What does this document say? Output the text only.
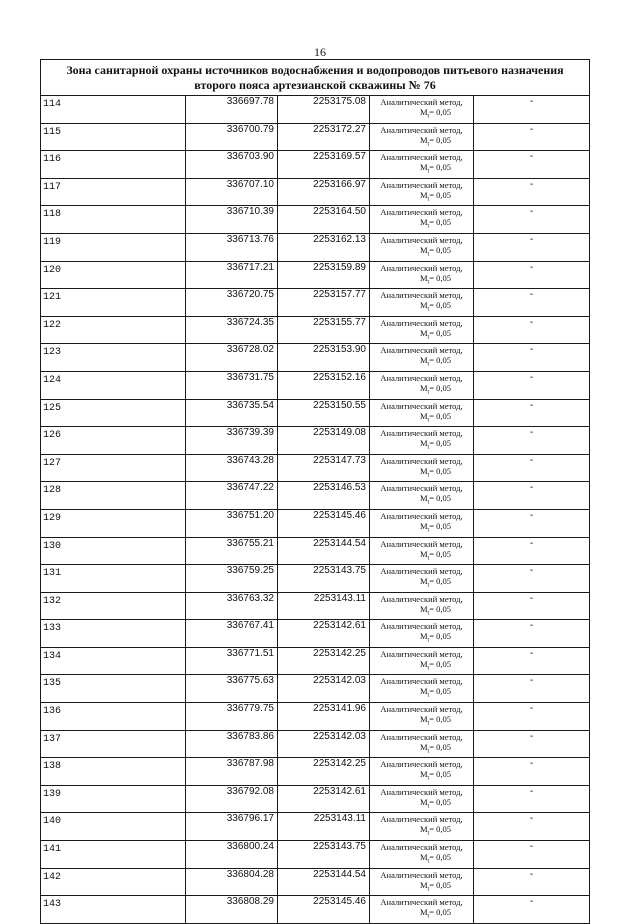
16
Зона санитарной охраны источников водоснабжения и водопроводов питьевого назначения
второго пояса артезианской скважины № 76				

114	336697.78	2253175.08	Аналитический метод,
$M_t= 0,05$	-
115	336700.79	2253172.27	Аналитический метод,
$M_t= 0,05$	-
116	336703.90	2253169.57	Аналитический метод,
$M_t= 0,05$	-
117	336707.10	2253166.97	Аналитический метод,
$M_t= 0,05$	-
118	336710.39	2253164.50	Аналитический метод,
$M_t= 0,05$	-
119	336713.76	2253162.13	Аналитический метод,
$M_t= 0,05$	-
120	336717.21	2253159.89	Аналитический метод,
$M_t= 0,05$	-
121	336720.75	2253157.77	Аналитический метод,
$M_t= 0,05$	-
122	336724.35	2253155.77	Аналитический метод,
$M_t= 0,05$	-
123	336728.02	2253153.90	Аналитический метод,
$M_t= 0,05$	-
124	336731.75	2253152.16	Аналитический метод,
$M_t= 0,05$	-
125	336735.54	2253150.55	Аналитический метод,
$M_t= 0,05$	-
126	336739.39	2253149.08	Аналитический метод,
$M_t= 0,05$	-
127	336743.28	2253147.73	Аналитический метод,
$M_t= 0,05$	-
128	336747.22	2253146.53	Аналитический метод,
$M_t= 0,05$	-
129	336751.20	2253145.46	Аналитический метод,
$M_t= 0,05$	-
130	336755.21	2253144.54	Аналитический метод,
$M_t= 0,05$	-
131	336759.25	2253143.75	Аналитический метод,
$M_t= 0,05$	-
132	336763.32	2253143.11	Аналитический метод,
$M_t= 0,05$	-
133	336767.41	2253142.61	Аналитический метод,
$M_t= 0,05$	-
134	336771.51	2253142.25	Аналитический метод,
$M_t= 0,05$	-
135	336775.63	2253142.03	Аналитический метод,
$M_t= 0,05$	-
136	336779.75	2253141.96	Аналитический метод,
$M_t= 0,05$	-
137	336783.86	2253142.03	Аналитический метод,
$M_t= 0,05$	-
138	336787.98	2253142.25	Аналитический метод,
$M_t= 0,05$	-
139	336792.08	2253142.61	Аналитический метод,
$M_t= 0,05$	-
140	336796.17	2253143.11	Аналитический метод,
$M_t= 0,05$	-
141	336800.24	2253143.75	Аналитический метод,
$M_t= 0,05$	-
142	336804.28	2253144.54	Аналитический метод,
$M_t= 0,05$	-
143	336808.29	2253145.46	Аналитический метод,
$M_t= 0,05$	-
